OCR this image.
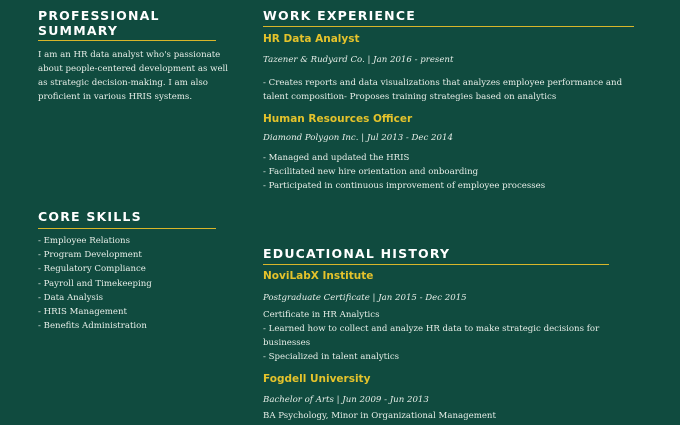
PROFESSIONAL
SUMMARY
I am an HR data analyst who's passionate
about people-centered development as well
as strategic decision-making. I am also
proficient in various HRIS systems.
CORE SKILLS
- Employee Relations
- Program Development
- Regulatory Compliance
- Payroll and Timekeeping
- Data Analysis
- HRIS Management
- Benefits Administration
WORK EXPERIENCE
HR Data Analyst
Tazener & Rudyard Co. | Jan 2016 - present
- Creates reports and data visualizations that analyzes employee performance and
talent composition- Proposes training strategies based on analytics
Human Resources Officer
Diamond Polygon Inc. | Jul 2013 - Dec 2014
- Managed and updated the HRIS
- Facilitated new hire orientation and onboarding
- Participated in continuous improvement of employee processes
EDUCATIONAL HISTORY
NoviLabX Institute
Postgraduate Certificate | Jan 2015 - Dec 2015
Certificate in HR Analytics
- Learned how to collect and analyze HR data to make strategic decisions for
businesses
- Specialized in talent analytics
Fogdell University
Bachelor of Arts | Jun 2009 - Jun 2013
BA Psychology, Minor in Organizational Management
